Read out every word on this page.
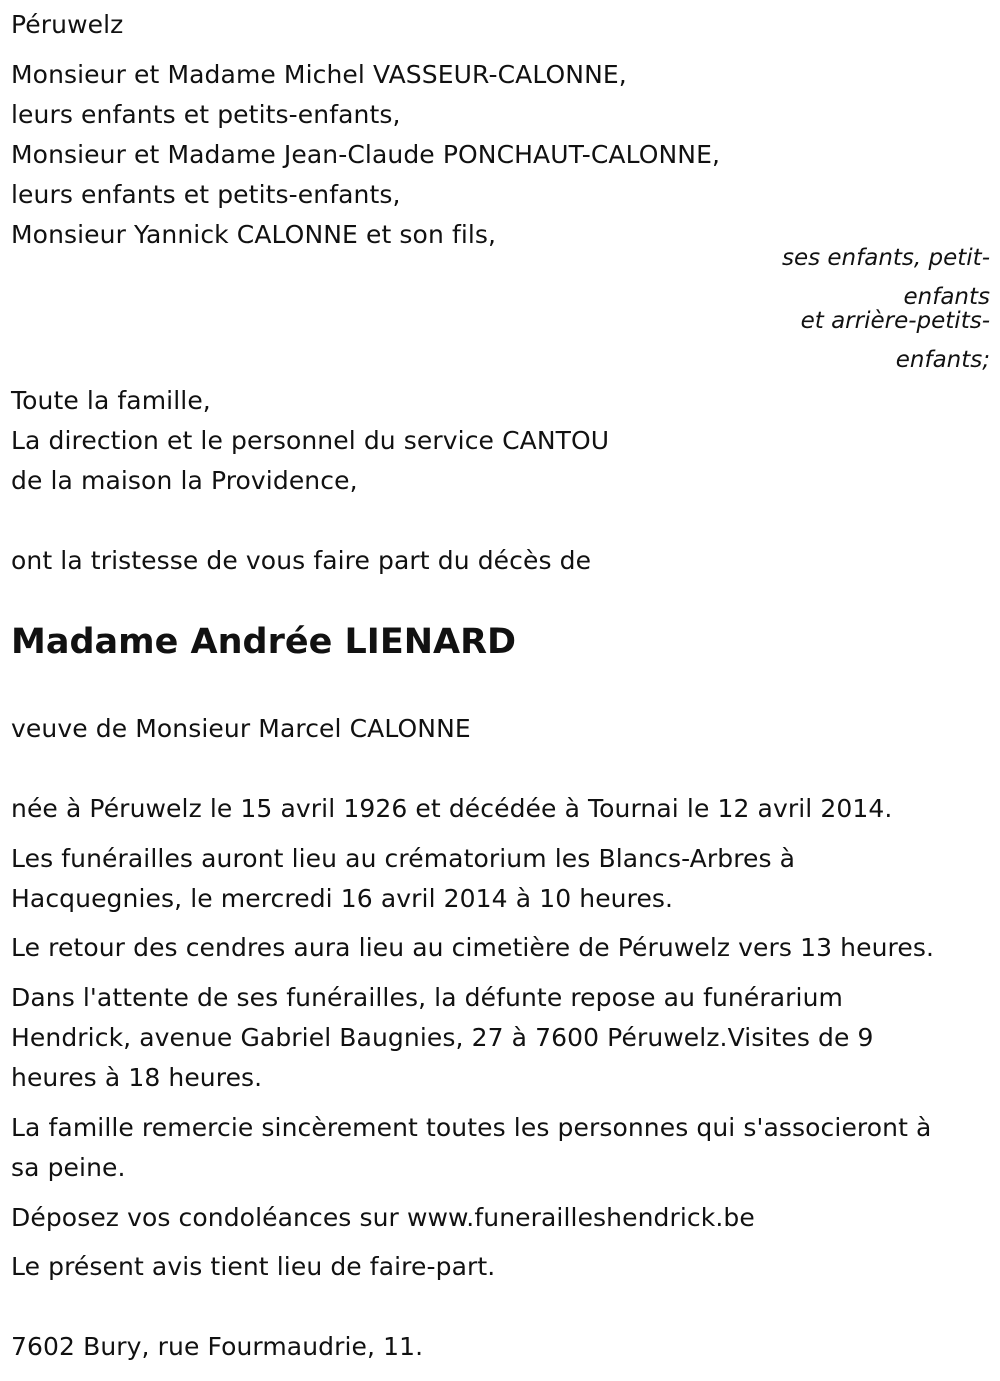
Péruwelz
Monsieur et Madame Michel VASSEUR-CALONNE,
leurs enfants et petits-enfants,
Monsieur et Madame Jean-Claude PONCHAUT-CALONNE,
leurs enfants et petits-enfants,
Monsieur Yannick CALONNE et son fils,
ses enfants, petit-
enfants
et arrière-petits-
enfants;
Toute la famille,
La direction et le personnel du service CANTOU
de la maison la Providence,
ont la tristesse de vous faire part du décès de
Madame Andrée LIENARD
veuve de Monsieur Marcel CALONNE
née à Péruwelz le 15 avril 1926 et décédée à Tournai le 12 avril 2014.
Les funérailles auront lieu au crématorium les Blancs-Arbres à
Hacquegnies, le mercredi 16 avril 2014 à 10 heures.
Le retour des cendres aura lieu au cimetière de Péruwelz vers 13 heures.
Dans l'attente de ses funérailles, la défunte repose au funérarium
Hendrick, avenue Gabriel Baugnies, 27 à 7600 Péruwelz.Visites de 9
heures à 18 heures.
La famille remercie sincèrement toutes les personnes qui s'associeront à
sa peine.
Déposez vos condoléances sur www.funerailleshendrick.be
Le présent avis tient lieu de faire-part.
7602 Bury, rue Fourmaudrie, 11.
